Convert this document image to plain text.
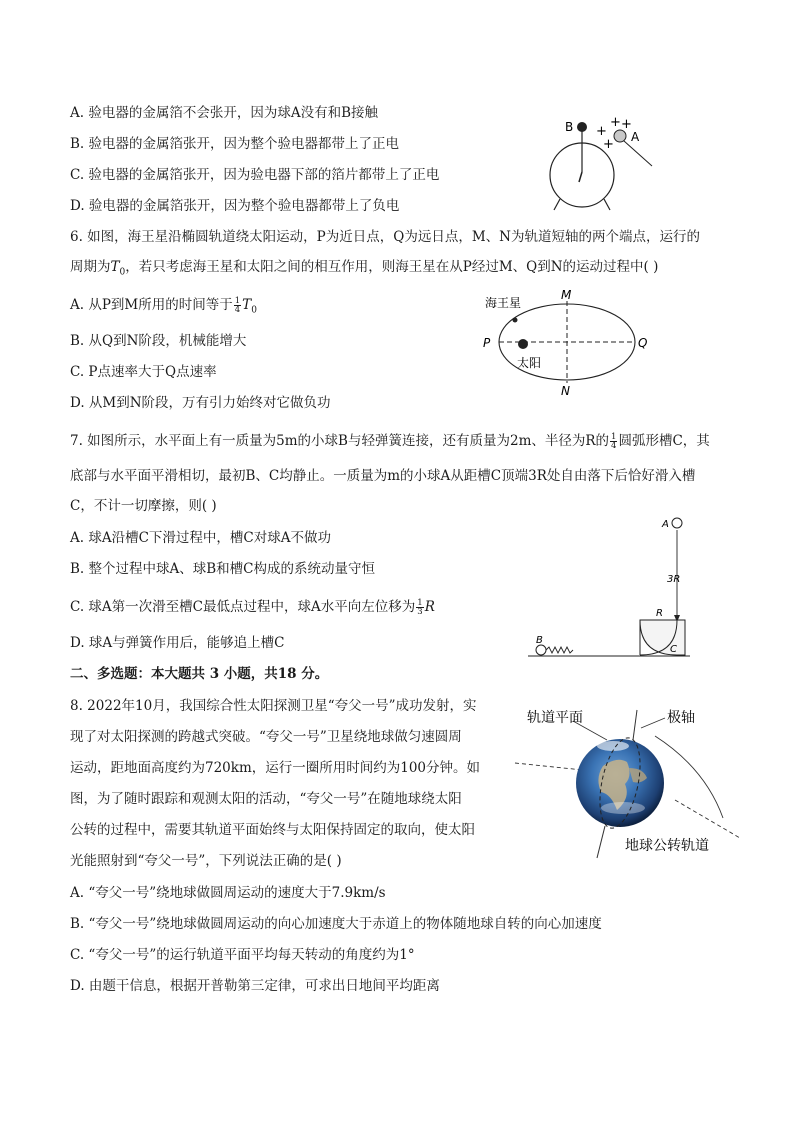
A. 验电器的金属箔不会张开，因为球A没有和B接触
B. 验电器的金属箔张开，因为整个验电器都带上了正电
C. 验电器的金属箔张开，因为验电器下部的箔片都带上了正电
D. 验电器的金属箔张开，因为整个验电器都带上了负电
B
A
+
+ +
+
6. 如图，海王星沿椭圆轨道绕太阳运动，P为近日点，Q为远日点，M、N为轨道短轴的两个端点，运行的
周期为$T_0$，若只考虑海王星和太阳之间的相互作用，则海王星在从P经过M、Q到N的运动过程中( )
A. 从P到M所用的时间等于 $\frac{1}{4} T_0$
B. 从Q到N阶段，机械能增大
C. P点速率大于Q点速率
D. 从M到N阶段，万有引力始终对它做负功
海王星
太阳
M
N
P	Q
7. 如图所示，水平面上有一质量为5m的小球B与轻弹簧连接，还有质量为2m、半径为R的 $\frac{1}{4}$ 圆弧形槽C，其
底部与水平面平滑相切，最初B、C均静止。一质量为m的小球A从距槽C顶端3R处自由落下后恰好滑入槽
C，不计一切摩擦，则( )
A. 球A沿槽C下滑过程中，槽C对球A不做功
B. 整个过程中球A、球B和槽C构成的系统动量守恒
C. 球A第一次滑至槽C最低点过程中，球A水平向左位移为 $\frac{1}{3}$ R
D. 球A与弹簧作用后，能够追上槽C
A
3R
R
B
C
二、多选题：本大题共 3 小题，共18 分。
8. 2022年10月，我国综合性太阳探测卫星“夸父一号”成功发射，实
现了对太阳探测的跨越式突破。“夸父一号”卫星绕地球做匀速圆周
运动，距地面高度约为720km，运行一圈所用时间约为100分钟。如
图，为了随时跟踪和观测太阳的活动，“夸父一号”在随地球绕太阳
公转的过程中，需要其轨道平面始终与太阳保持固定的取向，使太阳
光能照射到“夸父一号”，下列说法正确的是( )
A. “夸父一号”绕地球做圆周运动的速度大于7.9km/s
B. “夸父一号”绕地球做圆周运动的向心加速度大于赤道上的物体随地球自转的向心加速度
C. “夸父一号”的运行轨道平面平均每天转动的角度约为1°
D. 由题干信息，根据开普勒第三定律，可求出日地间平均距离
轨道平面	极轴
地球公转轨道
